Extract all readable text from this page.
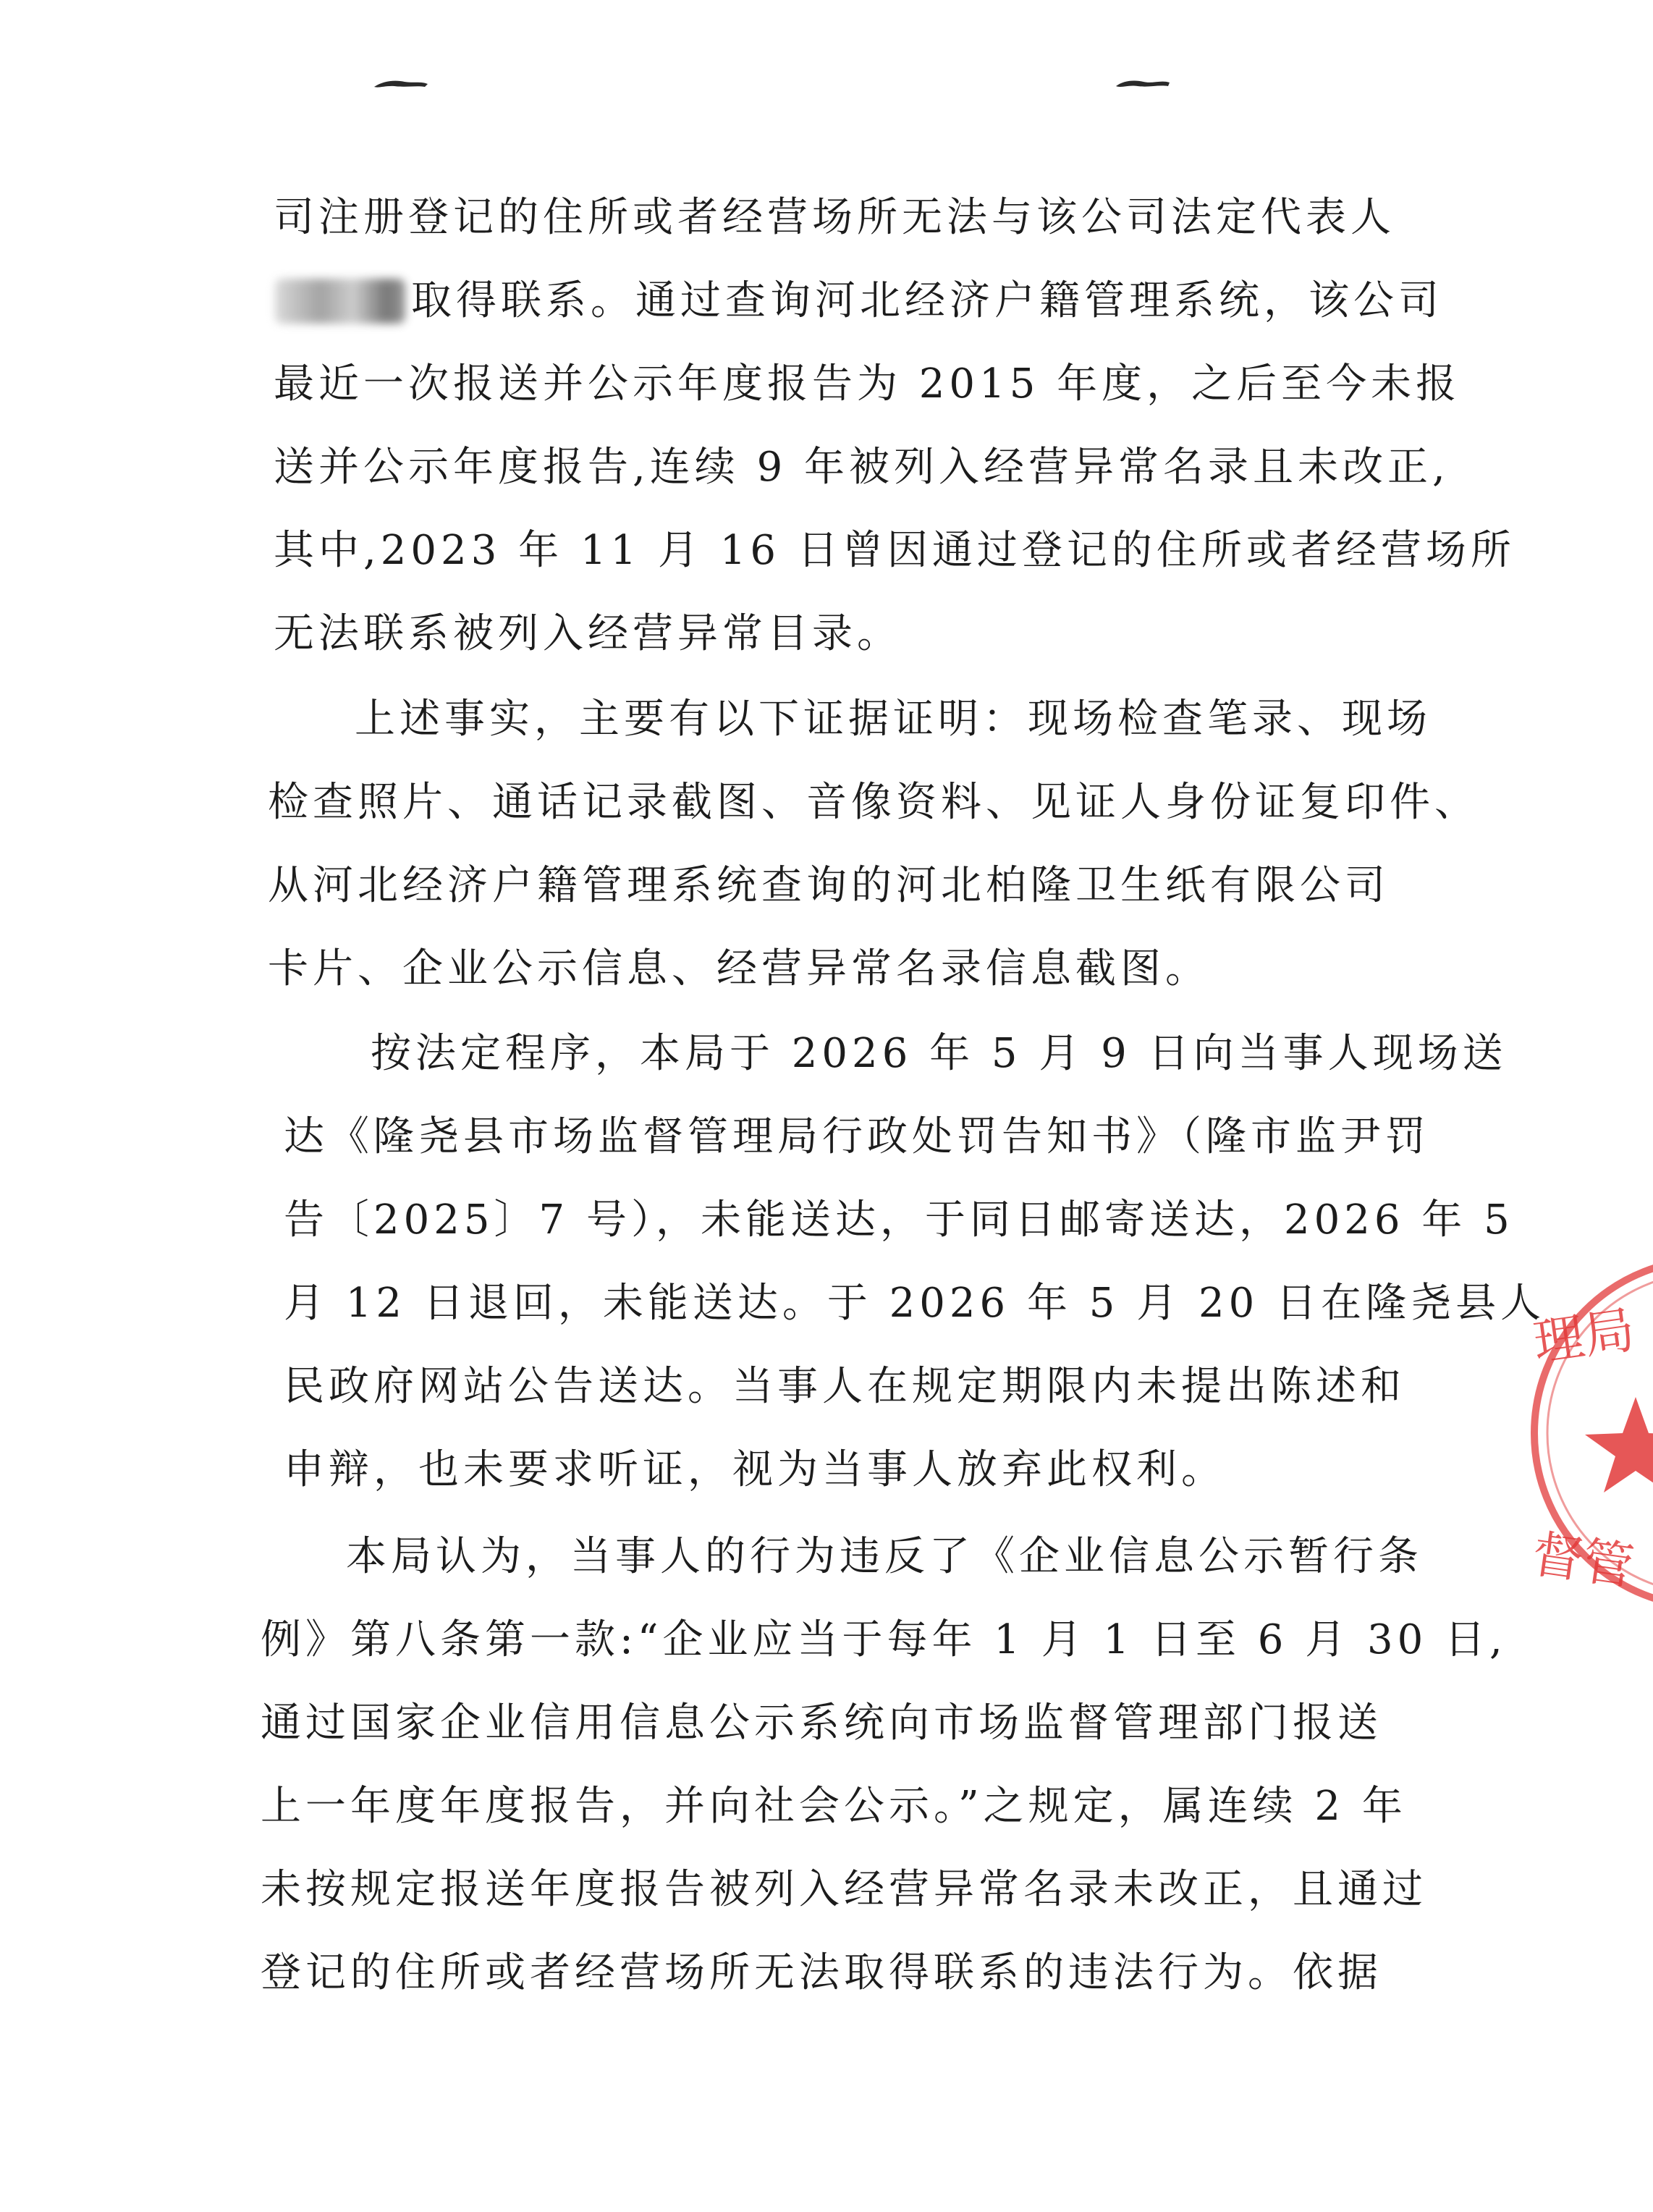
司注册登记的住所或者经营场所无法与该公司法定代表人
取得联系。通过查询河北经济户籍管理系统，该公司
最近一次报送并公示年度报告为 2015 年度，之后至今未报
送并公示年度报告,连续 9 年被列入经营异常名录且未改正,
其中,2023 年 11 月 16 日曾因通过登记的住所或者经营场所
无法联系被列入经营异常目录。
上述事实，主要有以下证据证明：现场检查笔录、现场
检查照片、通话记录截图、音像资料、见证人身份证复印件、
从河北经济户籍管理系统查询的河北柏隆卫生纸有限公司
卡片、企业公示信息、经营异常名录信息截图。
按法定程序，本局于 2026 年 5 月 9 日向当事人现场送
达《隆尧县市场监督管理局行政处罚告知书》（隆市监尹罚
告〔2025〕7 号），未能送达，于同日邮寄送达，2026 年 5
月 12 日退回，未能送达。于 2026 年 5 月 20 日在隆尧县人
民政府网站公告送达。当事人在规定期限内未提出陈述和
申辩，也未要求听证，视为当事人放弃此权利。
本局认为，当事人的行为违反了《企业信息公示暂行条
例》第八条第一款:“企业应当于每年 1 月 1 日至 6 月 30 日,
通过国家企业信用信息公示系统向市场监督管理部门报送
上一年度年度报告，并向社会公示。”之规定，属连续 2 年
未按规定报送年度报告被列入经营异常名录未改正，且通过
登记的住所或者经营场所无法取得联系的违法行为。依据
理局
督管
